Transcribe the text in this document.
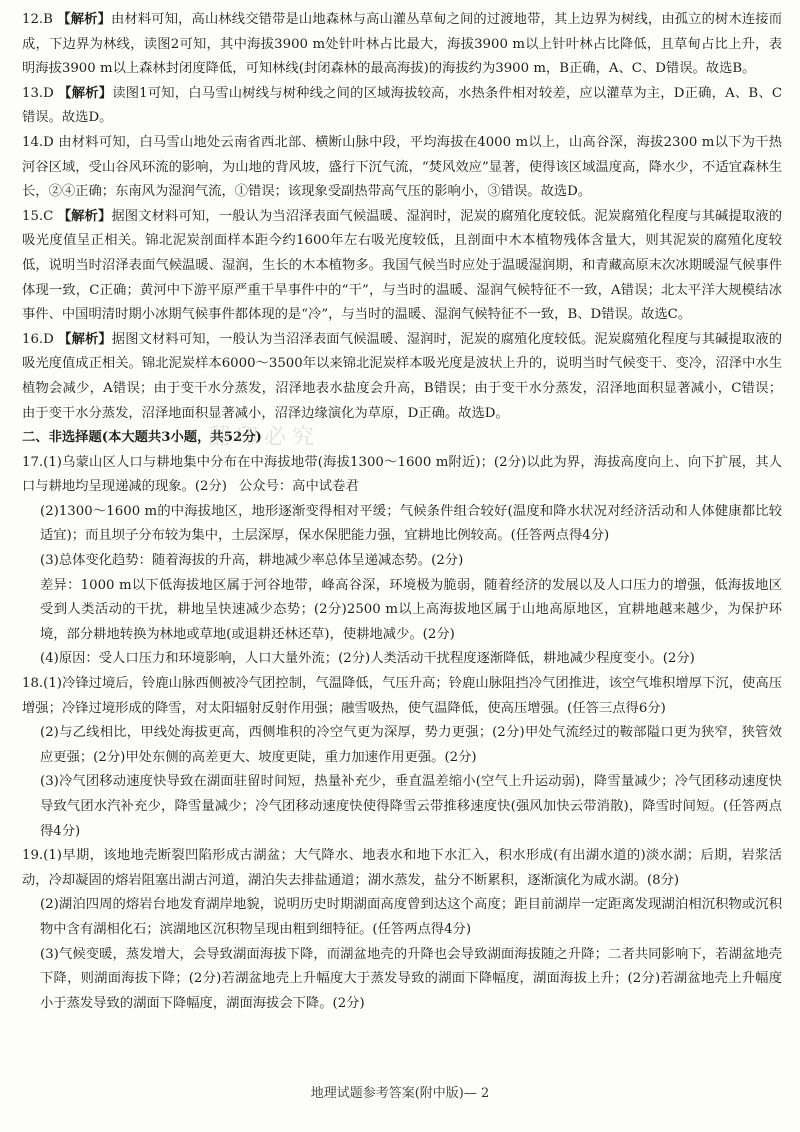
12.B 【解析】由材料可知，高山林线交错带是山地森林与高山灌丛草甸之间的过渡地带，其上边界为树线，由孤立的树木连接而成，下边界为林线，读图2可知，其中海拔3900 m处针叶林占比最大，海拔3900 m以上针叶林占比降低，且草甸占比上升，表明海拔3900 m以上森林封闭度降低，可知林线(封闭森林的最高海拔)的海拔约为3900 m，B正确，A、C、D错误。故选B。

13.D 【解析】读图1可知，白马雪山树线与树种线之间的区域海拔较高，水热条件相对较差，应以灌草为主，D正确，A、B、C错误。故选D。

14.D 由材料可知，白马雪山地处云南省西北部、横断山脉中段，平均海拔在4000 m以上，山高谷深，海拔2300 m以下为干热河谷区域，受山谷风环流的影响，为山地的背风坡，盛行下沉气流，“焚风效应”显著，使得该区域温度高，降水少，不适宜森林生长，②④正确；东南风为湿润气流，①错误；该现象受副热带高气压的影响小，③错误。故选D。

15.C 【解析】据图文材料可知，一般认为当沼泽表面气候温暖、湿润时，泥炭的腐殖化度较低。泥炭腐殖化程度与其碱提取液的吸光度值呈正相关。锦北泥炭剖面样本距今约1600年左右吸光度较低，且剖面中木本植物残体含量大，则其泥炭的腐殖化度较低，说明当时沼泽表面气候温暖、湿润，生长的木本植物多。我国气候当时应处于温暖湿润期，和青藏高原末次冰期暖湿气候事件体现一致，C正确；黄河中下游平原严重干旱事件中的“干”，与当时的温暖、湿润气候特征不一致，A错误；北太平洋大规模结冰事件、中国明清时期小冰期气候事件都体现的是“冷”，与当时的温暖、湿润气候特征不一致，B、D错误。故选C。

16.D 【解析】据图文材料可知，一般认为当沼泽表面气候温暖、湿润时，泥炭的腐殖化度较低。泥炭腐殖化程度与其碱提取液的吸光度值成正相关。锦北泥炭样本6000～3500年以来锦北泥炭样本吸光度是波状上升的，说明当时气候变干、变冷，沼泽中水生植物会减少，A错误；由于变干水分蒸发，沼泽地表水盐度会升高，B错误；由于变干水分蒸发，沼泽地面积显著减小，C错误；由于变干水分蒸发，沼泽地面积显著减小，沼泽边缘演化为草原，D正确。故选D。

二、非选择题(本大题共3小题，共52分)

17.(1)乌蒙山区人口与耕地集中分布在中海拔地带(海拔1300～1600 m附近)；(2分)以此为界，海拔高度向上、向下扩展，其人口与耕地均呈现递减的现象。(2分) 公众号：高中试卷君

(2)1300～1600 m的中海拔地区，地形逐渐变得相对平缓；气候条件组合较好(温度和降水状况对经济活动和人体健康都比较适宜)；而且坝子分布较为集中，土层深厚，保水保肥能力强，宜耕地比例较高。(任答两点得4分)

(3)总体变化趋势：随着海拔的升高，耕地减少率总体呈递减态势。(2分)

差异：1000 m以下低海拔地区属于河谷地带，峰高谷深，环境极为脆弱，随着经济的发展以及人口压力的增强，低海拔地区受到人类活动的干扰，耕地呈快速减少态势；(2分)2500 m以上高海拔地区属于山地高原地区，宜耕地越来越少，为保护环境，部分耕地转换为林地或草地(或退耕还林还草)，使耕地减少。(2分)

(4)原因：受人口压力和环境影响，人口大量外流；(2分)人类活动干扰程度逐渐降低，耕地减少程度变小。(2分)

18.(1)冷锋过境后，铃鹿山脉西侧被冷气团控制，气温降低，气压升高；铃鹿山脉阻挡冷气团推进，该空气堆积增厚下沉，使高压增强；冷锋过境形成的降雪，对太阳辐射反射作用强；融雪吸热，使气温降低，使高压增强。(任答三点得6分)

(2)与乙线相比，甲线处海拔更高，西侧堆积的冷空气更为深厚，势力更强；(2分)甲处气流经过的鞍部隘口更为狭窄，狭管效应更强；(2分)甲处东侧的高差更大、坡度更陡，重力加速作用更强。(2分)

(3)冷气团移动速度快导致在湖面驻留时间短，热量补充少，垂直温差缩小(空气上升运动弱)，降雪量减少；冷气团移动速度快导致气团水汽补充少，降雪量减少；冷气团移动速度快使得降雪云带推移速度快(强风加快云带消散)，降雪时间短。(任答两点得4分)

19.(1)早期，该地地壳断裂凹陷形成古湖盆；大气降水、地表水和地下水汇入，积水形成(有出湖水道的)淡水湖；后期，岩浆活动，冷却凝固的熔岩阻塞出湖古河道，湖泊失去排盐通道；湖水蒸发，盐分不断累积，逐渐演化为咸水湖。(8分)

(2)湖泊四周的熔岩台地发育湖岸地貌，说明历史时期湖面高度曾到达这个高度；距目前湖岸一定距离发现湖泊相沉积物或沉积物中含有湖相化石；滨湖地区沉积物呈现由粗到细特征。(任答两点得4分)

(3)气候变暖，蒸发增大，会导致湖面海拔下降，而湖盆地壳的升降也会导致湖面海拔随之升降；二者共同影响下，若湖盆地壳下降，则湖面海拔下降；(2分)若湖盆地壳上升幅度大于蒸发导致的湖面下降幅度，湖面海拔上升；(2分)若湖盆地壳上升幅度小于蒸发导致的湖面下降幅度，湖面海拔会下降。(2分)

翻印必究
地理试题参考答案(附中版)— 2
